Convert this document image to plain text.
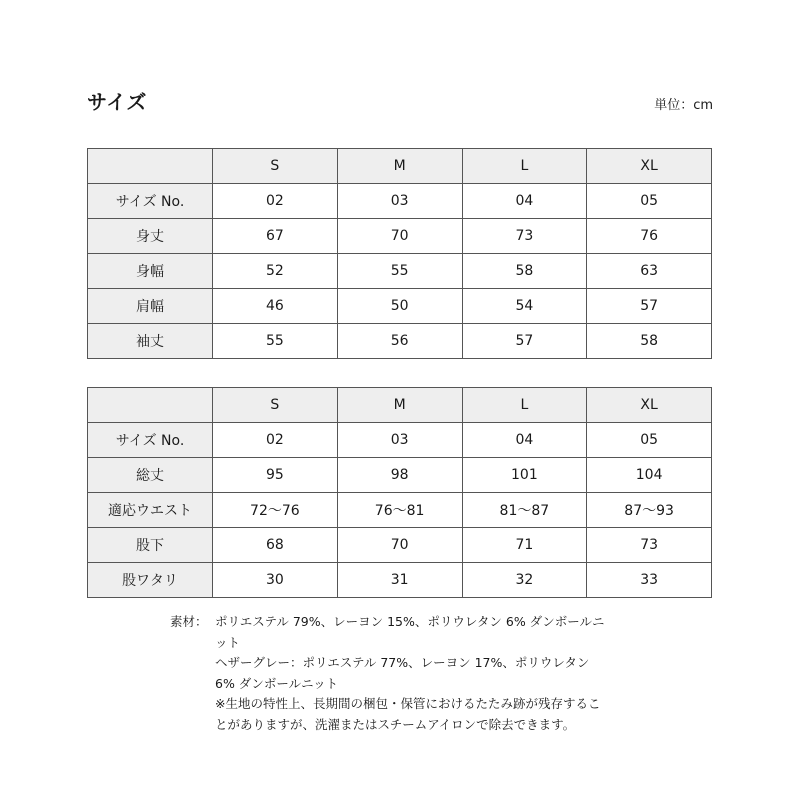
サイズ	単位：cm
	S	M	L	XL
サイズ No.	02	03	04	05
身丈	67	70	73	76
身幅	52	55	58	63
肩幅	46	50	54	57
袖丈	55	56	57	58
	S	M	L	XL
サイズ No.	02	03	04	05
総丈	95	98	101	104
適応ウエスト	72〜76	76〜81	81〜87	87〜93
股下	68	70	71	73
股ワタリ	30	31	32	33
素材： ポリエステル 79%、レーヨン 15%、ポリウレタン 6% ダンボールニット

ヘザーグレー：ポリエステル 77%、レーヨン 17%、ポリウレタン 6% ダンボールニット

※生地の特性上、長期間の梱包・保管におけるたたみ跡が残存することがありますが、洗濯またはスチームアイロンで除去できます。
